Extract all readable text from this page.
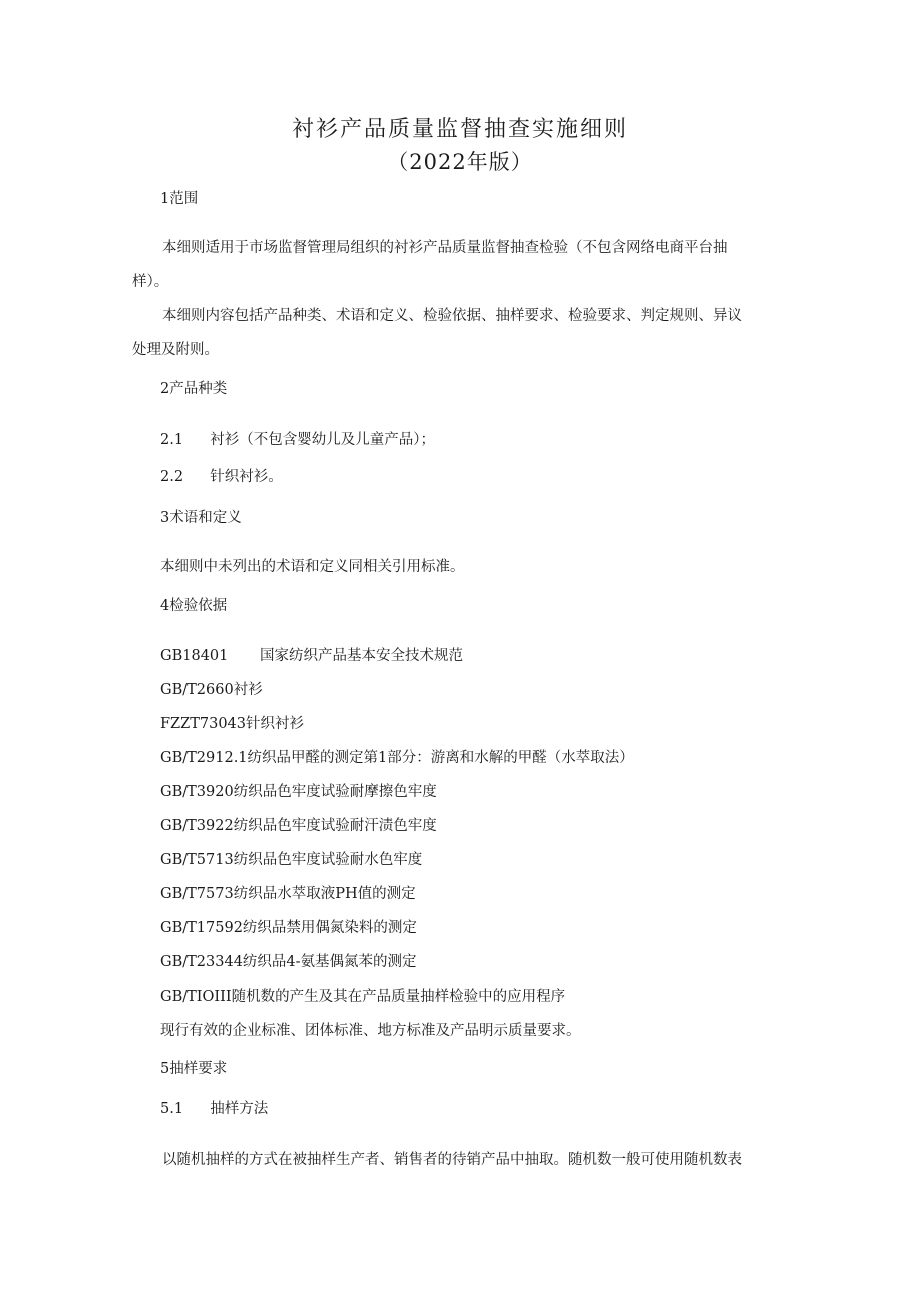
衬衫产品质量监督抽查实施细则
（2022年版）
1范围
本细则适用于市场监督管理局组织的衬衫产品质量监督抽查检验（不包含网络电商平台抽
样）。
本细则内容包括产品种类、术语和定义、检验依据、抽样要求、检验要求、判定规则、异议
处理及附则。
2产品种类
2.1 衬衫（不包含婴幼儿及儿童产品）；
2.2 针织衬衫。
3术语和定义
本细则中未列出的术语和定义同相关引用标准。
4检验依据
GB18401 国家纺织产品基本安全技术规范
GB/T2660衬衫
FZZT73043针织衬衫
GB/T2912.1纺织品甲醛的测定第1部分：游离和水解的甲醛（水萃取法）
GB/T3920纺织品色牢度试验耐摩擦色牢度
GB/T3922纺织品色牢度试验耐汗渍色牢度
GB/T5713纺织品色牢度试验耐水色牢度
GB/T7573纺织品水萃取液PH值的测定
GB/T17592纺织品禁用偶氮染料的测定
GB/T23344纺织品4-氨基偶氮苯的测定
GB/TIOIII随机数的产生及其在产品质量抽样检验中的应用程序
现行有效的企业标准、团体标准、地方标准及产品明示质量要求。
5抽样要求
5.1 抽样方法
以随机抽样的方式在被抽样生产者、销售者的待销产品中抽取。随机数一般可使用随机数表
